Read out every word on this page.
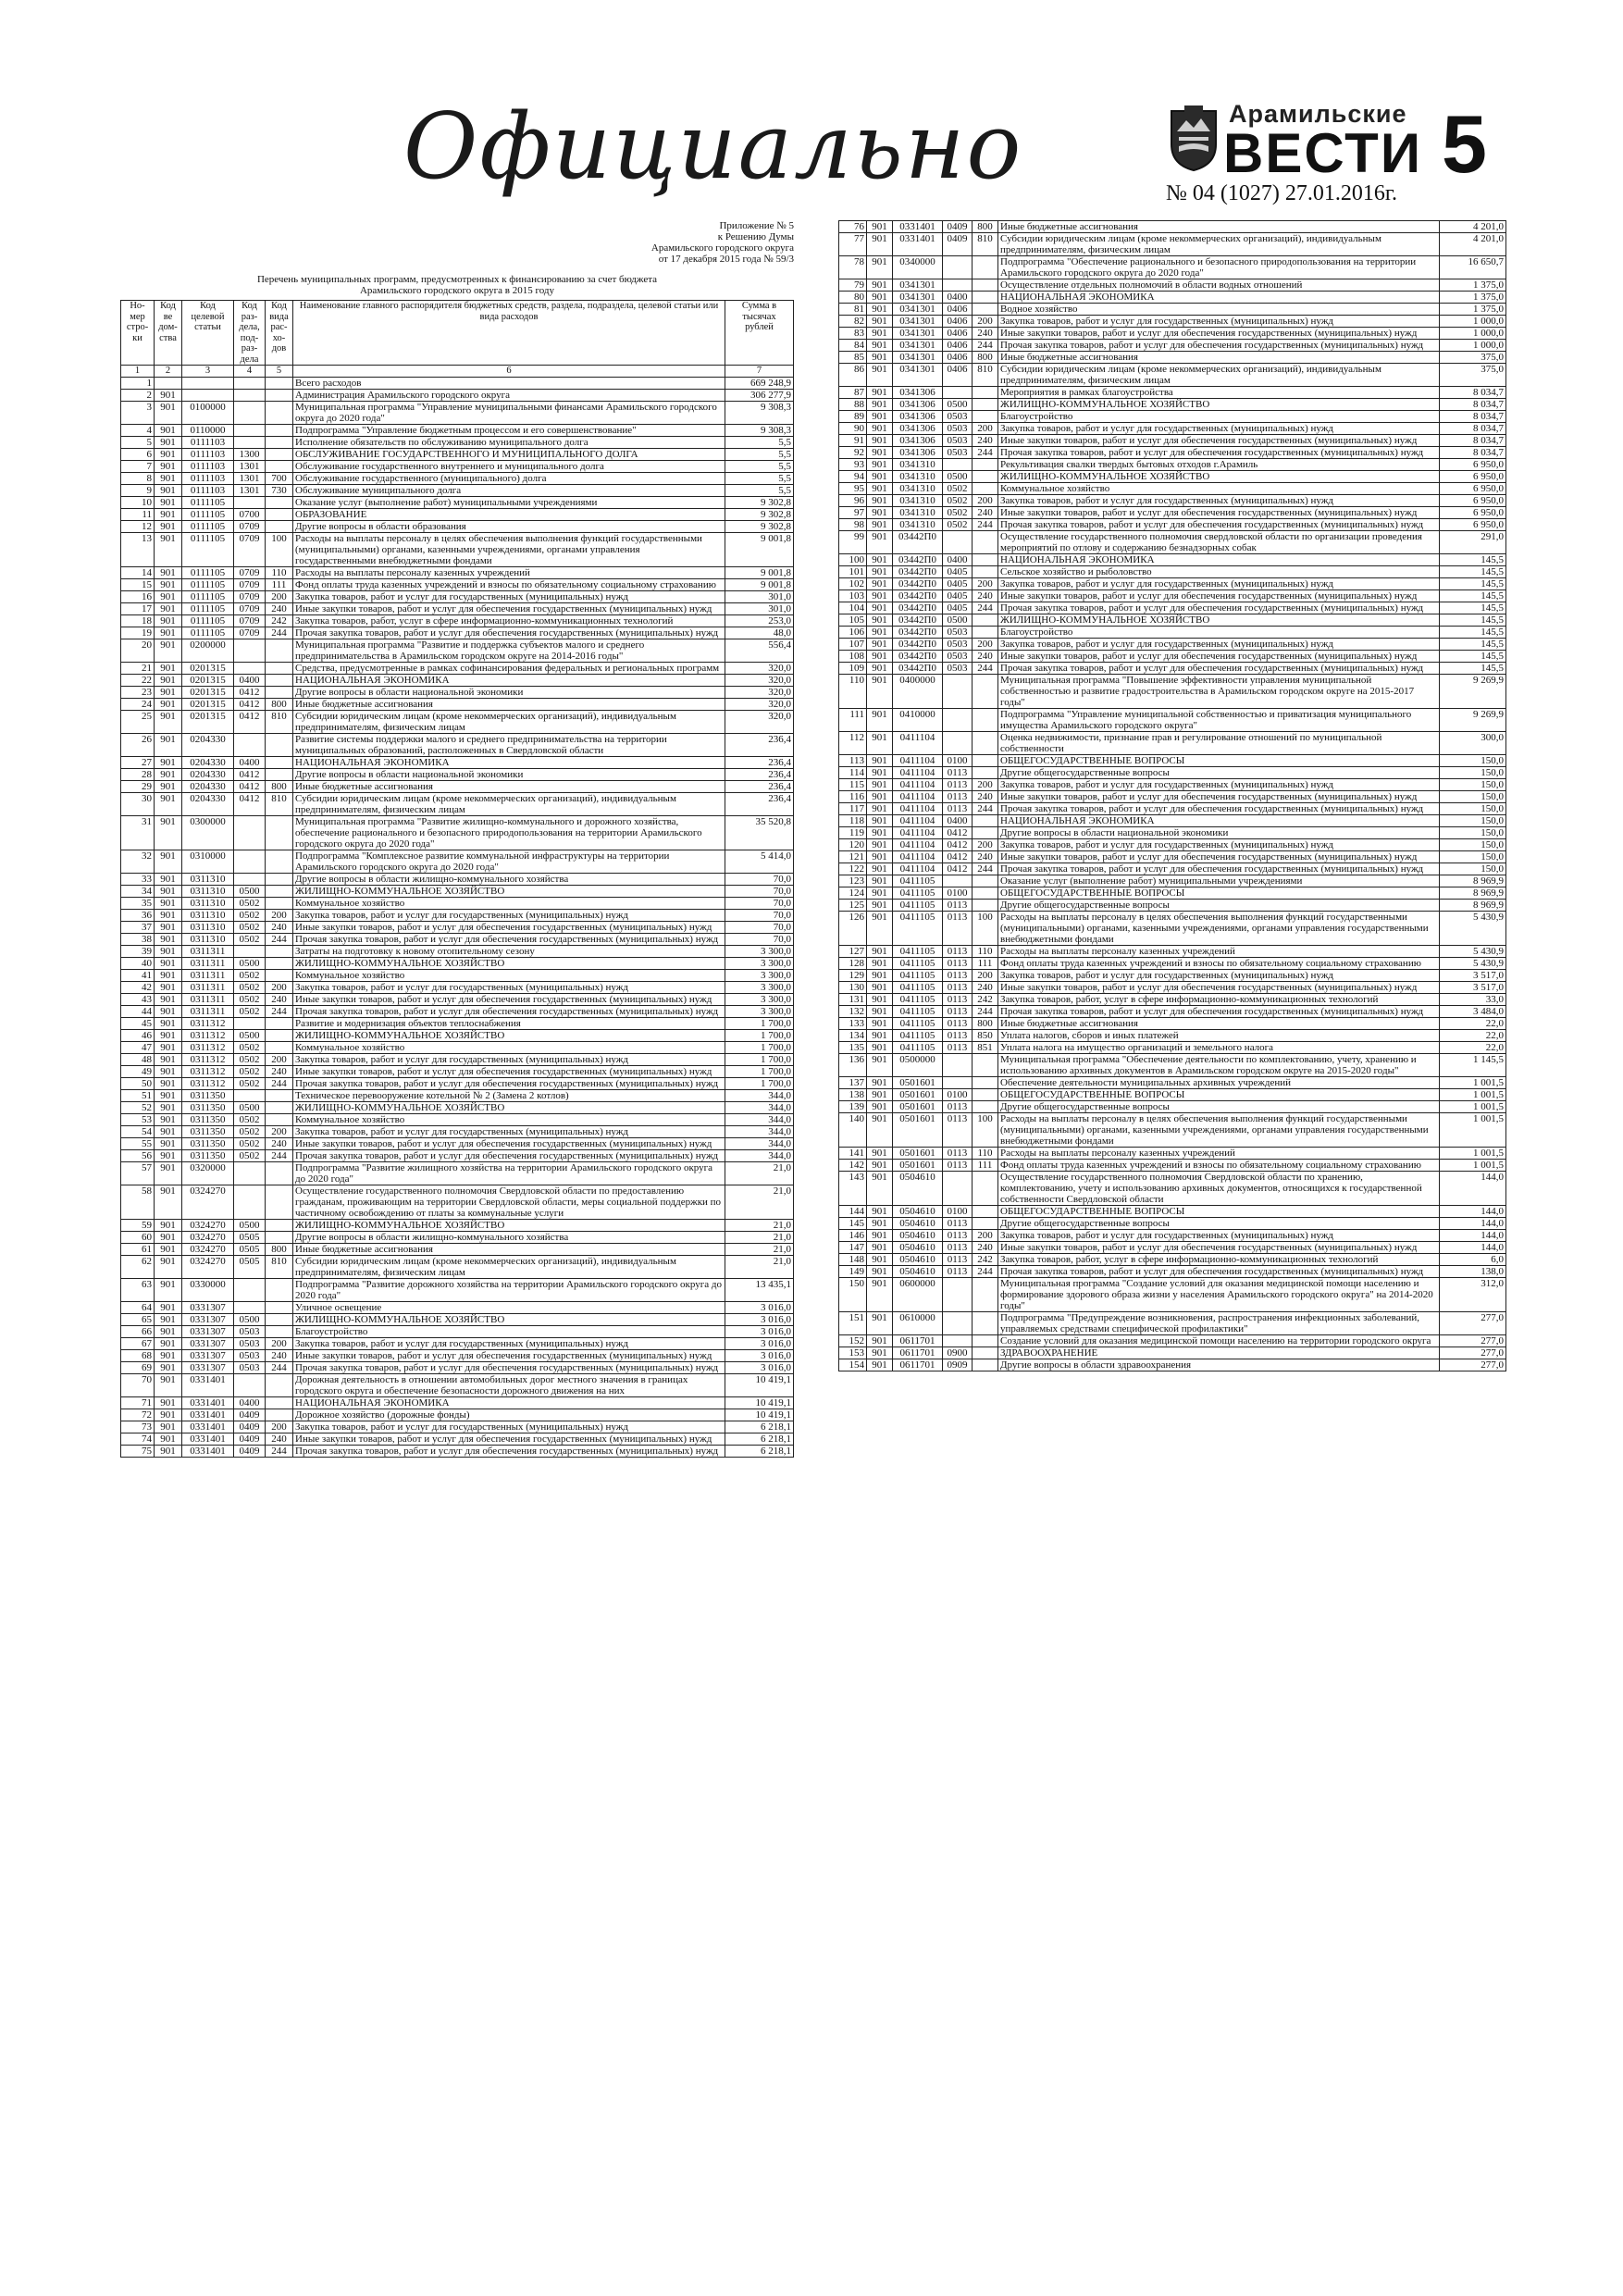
Официально	Арамильские
ВЕСТИ 5
№ 04 (1027) 27.01.2016г.
Приложение № 5
к Решению Думы
Арамильского городского округа
от 17 декабря 2015 года № 59/3
Перечень муниципальных программ, предусмотренных к финансированию за счет бюджета
Арамильского городского округа в 2015 году
Но-мер стро-ки	Код ве дом-ства	Код целевой статьи	Код раз-дела, под-раз-дела	Код вида рас-хо-дов	Наименование главного распорядителя бюджетных средств, раздела, подраздела, целевой статьи или вида расходов	Сумма в тысячах рублей
1	2	3	4	5	6	7
1					Всего расходов	669 248,9
2	901				Администрация Арамильского городского округа	306 277,9
3	901	0100000			Муниципальная программа "Управление муниципальными финансами Арамильского городского округа до 2020 года"	9 308,3
4	901	0110000			Подпрограмма "Управление бюджетным процессом и его совершенствование"	9 308,3
5	901	0111103			Исполнение обязательств по обслуживанию муниципального долга	5,5
6	901	0111103	1300		ОБСЛУЖИВАНИЕ ГОСУДАРСТВЕННОГО И МУНИЦИПАЛЬНОГО ДОЛГА	5,5
7	901	0111103	1301		Обслуживание государственного внутреннего и муниципального долга	5,5
8	901	0111103	1301	700	Обслуживание государственного (муниципального) долга	5,5
9	901	0111103	1301	730	Обслуживание муниципального долга	5,5
10	901	0111105			Оказание услуг (выполнение работ) муниципальными учреждениями	9 302,8
11	901	0111105	0700		ОБРАЗОВАНИЕ	9 302,8
12	901	0111105	0709		Другие вопросы в области образования	9 302,8
13	901	0111105	0709	100	Расходы на выплаты персоналу в целях обеспечения выполнения функций государственными (муниципальными) органами, казенными учреждениями, органами управления государственными внебюджетными фондами	9 001,8
14	901	0111105	0709	110	Расходы на выплаты персоналу казенных учреждений	9 001,8
15	901	0111105	0709	111	Фонд оплаты труда казенных учреждений и взносы по обязательному социальному страхованию	9 001,8
16	901	0111105	0709	200	Закупка товаров, работ и услуг для государственных (муниципальных) нужд	301,0
17	901	0111105	0709	240	Иные закупки товаров, работ и услуг для обеспечения государственных (муниципальных) нужд	301,0
18	901	0111105	0709	242	Закупка товаров, работ, услуг в сфере информационно-коммуникационных технологий	253,0
19	901	0111105	0709	244	Прочая закупка товаров, работ и услуг для обеспечения государственных (муниципальных) нужд	48,0
20	901	0200000			Муниципальная программа "Развитие и поддержка субъектов малого и среднего предпринимательства в Арамильском городском округе на 2014-2016 годы"	556,4
21	901	0201315			Средства, предусмотренные в рамках софинансирования федеральных и региональных программ	320,0
22	901	0201315	0400		НАЦИОНАЛЬНАЯ ЭКОНОМИКА	320,0
23	901	0201315	0412		Другие вопросы в области национальной экономики	320,0
24	901	0201315	0412	800	Иные бюджетные ассигнования	320,0
25	901	0201315	0412	810	Субсидии юридическим лицам (кроме некоммерческих организаций), индивидуальным предпринимателям, физическим лицам	320,0
26	901	0204330			Развитие системы поддержки малого и среднего предпринимательства на территории муниципальных образований, расположенных в Свердловской области	236,4
27	901	0204330	0400		НАЦИОНАЛЬНАЯ ЭКОНОМИКА	236,4
28	901	0204330	0412		Другие вопросы в области национальной экономики	236,4
29	901	0204330	0412	800	Иные бюджетные ассигнования	236,4
30	901	0204330	0412	810	Субсидии юридическим лицам (кроме некоммерческих организаций), индивидуальным предпринимателям, физическим лицам	236,4
31	901	0300000			Муниципальная программа "Развитие жилищно-коммунального и дорожного хозяйства, обеспечение рационального и безопасного природопользования на территории Арамильского городского округа до 2020 года"	35 520,8
32	901	0310000			Подпрограмма "Комплексное развитие коммунальной инфраструктуры на территории Арамильского городского округа до 2020 года"	5 414,0
33	901	0311310			Другие вопросы в области жилищно-коммунального хозяйства	70,0
34	901	0311310	0500		ЖИЛИЩНО-КОММУНАЛЬНОЕ ХОЗЯЙСТВО	70,0
35	901	0311310	0502		Коммунальное хозяйство	70,0
36	901	0311310	0502	200	Закупка товаров, работ и услуг для государственных (муниципальных) нужд	70,0
37	901	0311310	0502	240	Иные закупки товаров, работ и услуг для обеспечения государственных (муниципальных) нужд	70,0
38	901	0311310	0502	244	Прочая закупка товаров, работ и услуг для обеспечения государственных (муниципальных) нужд	70,0
39	901	0311311			Затраты на подготовку к новому отопительному сезону	3 300,0
40	901	0311311	0500		ЖИЛИЩНО-КОММУНАЛЬНОЕ ХОЗЯЙСТВО	3 300,0
41	901	0311311	0502		Коммунальное хозяйство	3 300,0
42	901	0311311	0502	200	Закупка товаров, работ и услуг для государственных (муниципальных) нужд	3 300,0
43	901	0311311	0502	240	Иные закупки товаров, работ и услуг для обеспечения государственных (муниципальных) нужд	3 300,0
44	901	0311311	0502	244	Прочая закупка товаров, работ и услуг для обеспечения государственных (муниципальных) нужд	3 300,0
45	901	0311312			Развитие и модернизация объектов теплоснабжения	1 700,0
46	901	0311312	0500		ЖИЛИЩНО-КОММУНАЛЬНОЕ ХОЗЯЙСТВО	1 700,0
47	901	0311312	0502		Коммунальное хозяйство	1 700,0
48	901	0311312	0502	200	Закупка товаров, работ и услуг для государственных (муниципальных) нужд	1 700,0
49	901	0311312	0502	240	Иные закупки товаров, работ и услуг для обеспечения государственных (муниципальных) нужд	1 700,0
50	901	0311312	0502	244	Прочая закупка товаров, работ и услуг для обеспечения государственных (муниципальных) нужд	1 700,0
51	901	0311350			Техническое перевооружение котельной № 2 (Замена 2 котлов)	344,0
52	901	0311350	0500		ЖИЛИЩНО-КОММУНАЛЬНОЕ ХОЗЯЙСТВО	344,0
53	901	0311350	0502		Коммунальное хозяйство	344,0
54	901	0311350	0502	200	Закупка товаров, работ и услуг для государственных (муниципальных) нужд	344,0
55	901	0311350	0502	240	Иные закупки товаров, работ и услуг для обеспечения государственных (муниципальных) нужд	344,0
56	901	0311350	0502	244	Прочая закупка товаров, работ и услуг для обеспечения государственных (муниципальных) нужд	344,0
57	901	0320000			Подпрограмма "Развитие жилищного хозяйства на территории Арамильского городского округа до 2020 года"	21,0
58	901	0324270			Осуществление государственного полномочия Свердловской области по предоставлению гражданам, проживающим на территории Свердловской области, меры социальной поддержки по частичному освобождению от платы за коммунальные услуги	21,0
59	901	0324270	0500		ЖИЛИЩНО-КОММУНАЛЬНОЕ ХОЗЯЙСТВО	21,0
60	901	0324270	0505		Другие вопросы в области жилищно-коммунального хозяйства	21,0
61	901	0324270	0505	800	Иные бюджетные ассигнования	21,0
62	901	0324270	0505	810	Субсидии юридическим лицам (кроме некоммерческих организаций), индивидуальным предпринимателям, физическим лицам	21,0
63	901	0330000			Подпрограмма "Развитие дорожного хозяйства на территории Арамильского городского округа до 2020 года"	13 435,1
64	901	0331307			Уличное освещение	3 016,0
65	901	0331307	0500		ЖИЛИЩНО-КОММУНАЛЬНОЕ ХОЗЯЙСТВО	3 016,0
66	901	0331307	0503		Благоустройство	3 016,0
67	901	0331307	0503	200	Закупка товаров, работ и услуг для государственных (муниципальных) нужд	3 016,0
68	901	0331307	0503	240	Иные закупки товаров, работ и услуг для обеспечения государственных (муниципальных) нужд	3 016,0
69	901	0331307	0503	244	Прочая закупка товаров, работ и услуг для обеспечения государственных (муниципальных) нужд	3 016,0
70	901	0331401			Дорожная деятельность в отношении автомобильных дорог местного значения в границах городского округа и обеспечение безопасности дорожного движения на них	10 419,1
71	901	0331401	0400		НАЦИОНАЛЬНАЯ ЭКОНОМИКА	10 419,1
72	901	0331401	0409		Дорожное хозяйство (дорожные фонды)	10 419,1
73	901	0331401	0409	200	Закупка товаров, работ и услуг для государственных (муниципальных) нужд	6 218,1
74	901	0331401	0409	240	Иные закупки товаров, работ и услуг для обеспечения государственных (муниципальных) нужд	6 218,1
75	901	0331401	0409	244	Прочая закупка товаров, работ и услуг для обеспечения государственных (муниципальных) нужд	6 218,1
76	901	0331401	0409	800	Иные бюджетные ассигнования	4 201,0
77	901	0331401	0409	810	Субсидии юридическим лицам (кроме некоммерческих организаций), индивидуальным предпринимателям, физическим лицам	4 201,0
78	901	0340000			Подпрограмма "Обеспечение рационального и безопасного природопользования на территории Арамильского городского округа до 2020 года"	16 650,7
79	901	0341301			Осуществление отдельных полномочий в области водных отношений	1 375,0
80	901	0341301	0400		НАЦИОНАЛЬНАЯ ЭКОНОМИКА	1 375,0
81	901	0341301	0406		Водное хозяйство	1 375,0
82	901	0341301	0406	200	Закупка товаров, работ и услуг для государственных (муниципальных) нужд	1 000,0
83	901	0341301	0406	240	Иные закупки товаров, работ и услуг для обеспечения государственных (муниципальных) нужд	1 000,0
84	901	0341301	0406	244	Прочая закупка товаров, работ и услуг для обеспечения государственных (муниципальных) нужд	1 000,0
85	901	0341301	0406	800	Иные бюджетные ассигнования	375,0
86	901	0341301	0406	810	Субсидии юридическим лицам (кроме некоммерческих организаций), индивидуальным предпринимателям, физическим лицам	375,0
87	901	0341306			Мероприятия в рамках благоустройства	8 034,7
88	901	0341306	0500		ЖИЛИЩНО-КОММУНАЛЬНОЕ ХОЗЯЙСТВО	8 034,7
89	901	0341306	0503		Благоустройство	8 034,7
90	901	0341306	0503	200	Закупка товаров, работ и услуг для государственных (муниципальных) нужд	8 034,7
91	901	0341306	0503	240	Иные закупки товаров, работ и услуг для обеспечения государственных (муниципальных) нужд	8 034,7
92	901	0341306	0503	244	Прочая закупка товаров, работ и услуг для обеспечения государственных (муниципальных) нужд	8 034,7
93	901	0341310			Рекультивация свалки твердых бытовых отходов г.Арамиль	6 950,0
94	901	0341310	0500		ЖИЛИЩНО-КОММУНАЛЬНОЕ ХОЗЯЙСТВО	6 950,0
95	901	0341310	0502		Коммунальное хозяйство	6 950,0
96	901	0341310	0502	200	Закупка товаров, работ и услуг для государственных (муниципальных) нужд	6 950,0
97	901	0341310	0502	240	Иные закупки товаров, работ и услуг для обеспечения государственных (муниципальных) нужд	6 950,0
98	901	0341310	0502	244	Прочая закупка товаров, работ и услуг для обеспечения государственных (муниципальных) нужд	6 950,0
99	901	03442П0			Осуществление государственного полномочия свердловской области по организации проведения мероприятий по отлову и содержанию безнадзорных собак	291,0
100	901	03442П0	0400		НАЦИОНАЛЬНАЯ ЭКОНОМИКА	145,5
101	901	03442П0	0405		Сельское хозяйство и рыболовство	145,5
102	901	03442П0	0405	200	Закупка товаров, работ и услуг для государственных (муниципальных) нужд	145,5
103	901	03442П0	0405	240	Иные закупки товаров, работ и услуг для обеспечения государственных (муниципальных) нужд	145,5
104	901	03442П0	0405	244	Прочая закупка товаров, работ и услуг для обеспечения государственных (муниципальных) нужд	145,5
105	901	03442П0	0500		ЖИЛИЩНО-КОММУНАЛЬНОЕ ХОЗЯЙСТВО	145,5
106	901	03442П0	0503		Благоустройство	145,5
107	901	03442П0	0503	200	Закупка товаров, работ и услуг для государственных (муниципальных) нужд	145,5
108	901	03442П0	0503	240	Иные закупки товаров, работ и услуг для обеспечения государственных (муниципальных) нужд	145,5
109	901	03442П0	0503	244	Прочая закупка товаров, работ и услуг для обеспечения государственных (муниципальных) нужд	145,5
110	901	0400000			Муниципальная программа "Повышение эффективности управления муниципальной собственностью и развитие градостроительства в Арамильском городском округе на 2015-2017 годы"	9 269,9
111	901	0410000			Подпрограмма "Управление муниципальной собственностью и приватизация муниципального имущества Арамильского городского округа"	9 269,9
112	901	0411104			Оценка недвижимости, признание прав и регулирование отношений по муниципальной собственности	300,0
113	901	0411104	0100		ОБЩЕГОСУДАРСТВЕННЫЕ ВОПРОСЫ	150,0
114	901	0411104	0113		Другие общегосударственные вопросы	150,0
115	901	0411104	0113	200	Закупка товаров, работ и услуг для государственных (муниципальных) нужд	150,0
116	901	0411104	0113	240	Иные закупки товаров, работ и услуг для обеспечения государственных (муниципальных) нужд	150,0
117	901	0411104	0113	244	Прочая закупка товаров, работ и услуг для обеспечения государственных (муниципальных) нужд	150,0
118	901	0411104	0400		НАЦИОНАЛЬНАЯ ЭКОНОМИКА	150,0
119	901	0411104	0412		Другие вопросы в области национальной экономики	150,0
120	901	0411104	0412	200	Закупка товаров, работ и услуг для государственных (муниципальных) нужд	150,0
121	901	0411104	0412	240	Иные закупки товаров, работ и услуг для обеспечения государственных (муниципальных) нужд	150,0
122	901	0411104	0412	244	Прочая закупка товаров, работ и услуг для обеспечения государственных (муниципальных) нужд	150,0
123	901	0411105			Оказание услуг (выполнение работ) муниципальными учреждениями	8 969,9
124	901	0411105	0100		ОБЩЕГОСУДАРСТВЕННЫЕ ВОПРОСЫ	8 969,9
125	901	0411105	0113		Другие общегосударственные вопросы	8 969,9
126	901	0411105	0113	100	Расходы на выплаты персоналу в целях обеспечения выполнения функций государственными (муниципальными) органами, казенными учреждениями, органами управления государственными внебюджетными фондами	5 430,9
127	901	0411105	0113	110	Расходы на выплаты персоналу казенных учреждений	5 430,9
128	901	0411105	0113	111	Фонд оплаты труда казенных учреждений и взносы по обязательному социальному страхованию	5 430,9
129	901	0411105	0113	200	Закупка товаров, работ и услуг для государственных (муниципальных) нужд	3 517,0
130	901	0411105	0113	240	Иные закупки товаров, работ и услуг для обеспечения государственных (муниципальных) нужд	3 517,0
131	901	0411105	0113	242	Закупка товаров, работ, услуг в сфере информационно-коммуникационных технологий	33,0
132	901	0411105	0113	244	Прочая закупка товаров, работ и услуг для обеспечения государственных (муниципальных) нужд	3 484,0
133	901	0411105	0113	800	Иные бюджетные ассигнования	22,0
134	901	0411105	0113	850	Уплата налогов, сборов и иных платежей	22,0
135	901	0411105	0113	851	Уплата налога на имущество организаций и земельного налога	22,0
136	901	0500000			Муниципальная программа "Обеспечение деятельности по комплектованию, учету, хранению и использованию архивных документов в Арамильском городском округе на 2015-2020 годы"	1 145,5
137	901	0501601			Обеспечение деятельности муниципальных архивных учреждений	1 001,5
138	901	0501601	0100		ОБЩЕГОСУДАРСТВЕННЫЕ ВОПРОСЫ	1 001,5
139	901	0501601	0113		Другие общегосударственные вопросы	1 001,5
140	901	0501601	0113	100	Расходы на выплаты персоналу в целях обеспечения выполнения функций государственными (муниципальными) органами, казенными учреждениями, органами управления государственными внебюджетными фондами	1 001,5
141	901	0501601	0113	110	Расходы на выплаты персоналу казенных учреждений	1 001,5
142	901	0501601	0113	111	Фонд оплаты труда казенных учреждений и взносы по обязательному социальному страхованию	1 001,5
143	901	0504610			Осуществление государственного полномочия Свердловской области по хранению, комплектованию, учету и использованию архивных документов, относящихся к государственной собственности Свердловской области	144,0
144	901	0504610	0100		ОБЩЕГОСУДАРСТВЕННЫЕ ВОПРОСЫ	144,0
145	901	0504610	0113		Другие общегосударственные вопросы	144,0
146	901	0504610	0113	200	Закупка товаров, работ и услуг для государственных (муниципальных) нужд	144,0
147	901	0504610	0113	240	Иные закупки товаров, работ и услуг для обеспечения государственных (муниципальных) нужд	144,0
148	901	0504610	0113	242	Закупка товаров, работ, услуг в сфере информационно-коммуникационных технологий	6,0
149	901	0504610	0113	244	Прочая закупка товаров, работ и услуг для обеспечения государственных (муниципальных) нужд	138,0
150	901	0600000			Муниципальная программа "Создание условий для оказания медицинской помощи населению и формирование здорового образа жизни у населения Арамильского городского округа" на 2014-2020 годы"	312,0
151	901	0610000			Подпрограмма "Предупреждение возникновения, распространения инфекционных заболеваний, управляемых средствами специфической профилактики"	277,0
152	901	0611701			Создание условий для оказания медицинской помощи населению на территории городского округа	277,0
153	901	0611701	0900		ЗДРАВООХРАНЕНИЕ	277,0
154	901	0611701	0909		Другие вопросы в области здравоохранения	277,0
